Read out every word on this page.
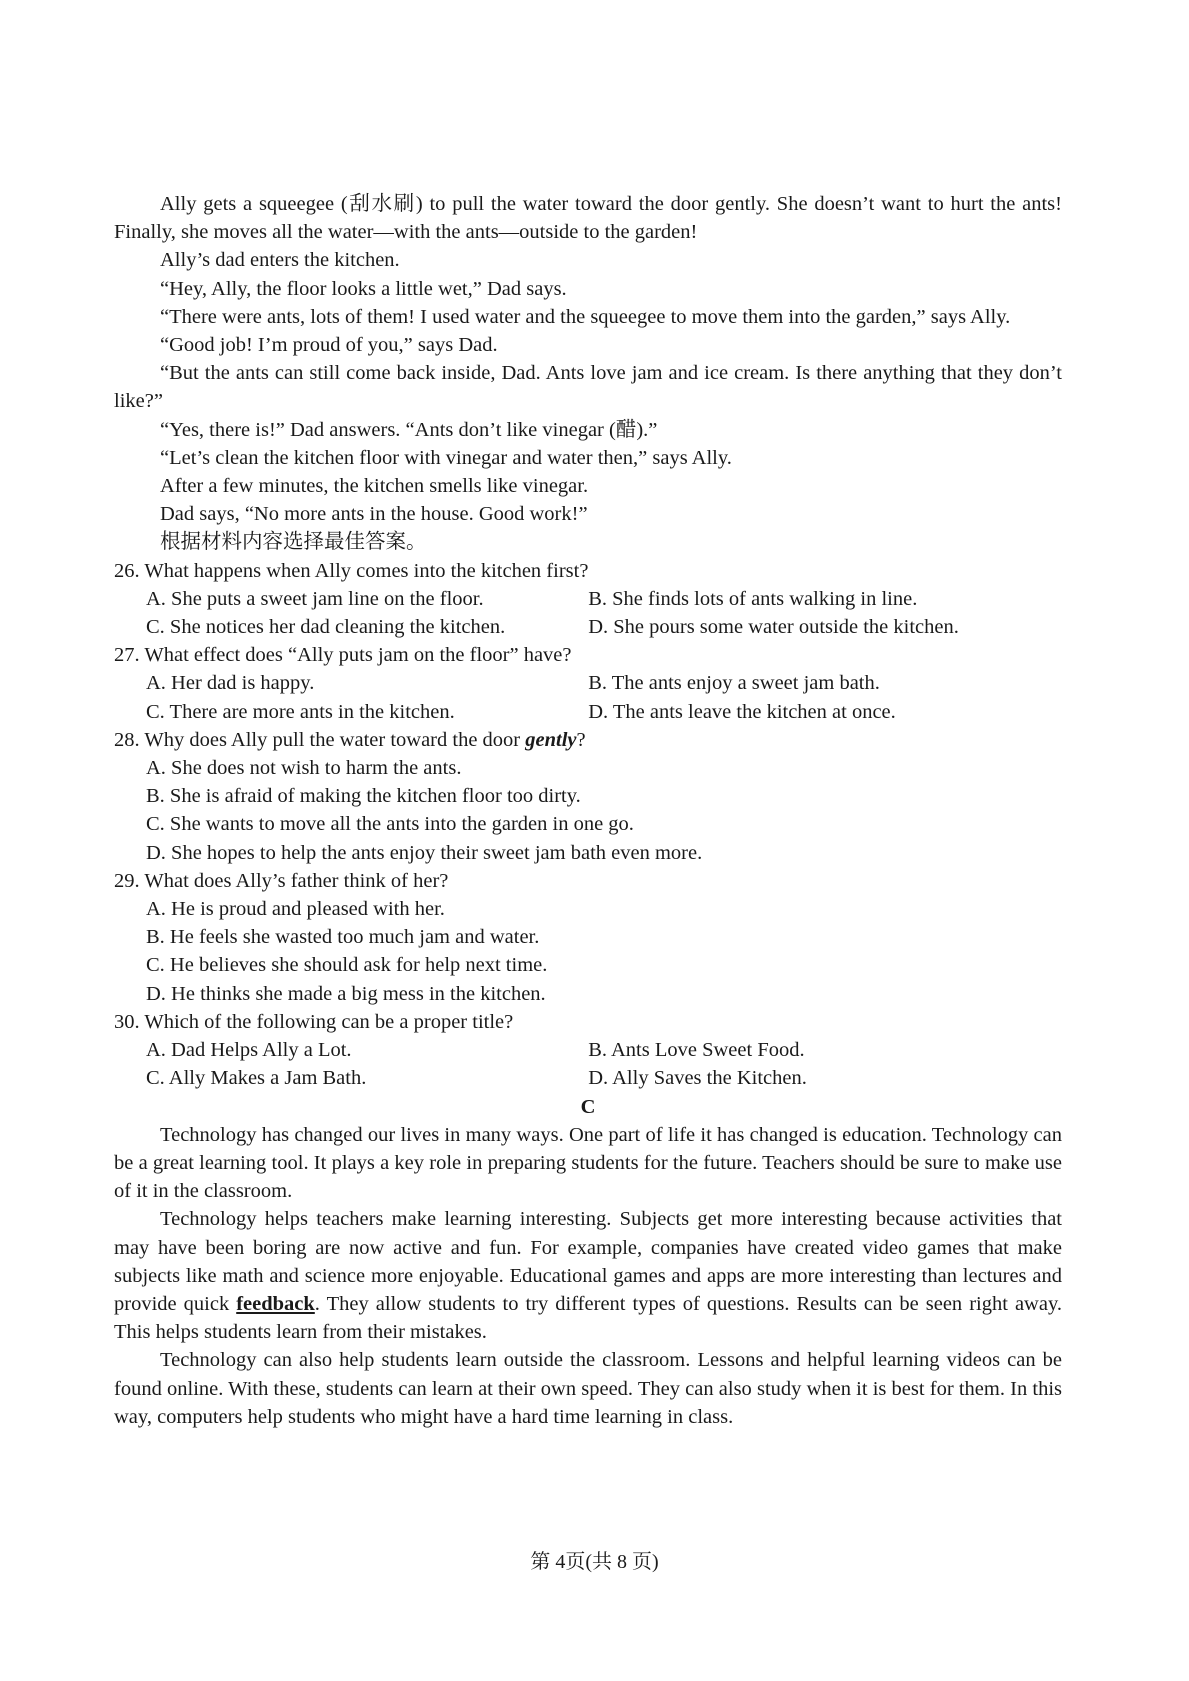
Ally gets a squeegee (刮水刷) to pull the water toward the door gently. She doesn’t want to hurt the ants! Finally, she moves all the water—with the ants—outside to the garden!

Ally’s dad enters the kitchen.

“Hey, Ally, the floor looks a little wet,” Dad says.

“There were ants, lots of them! I used water and the squeegee to move them into the garden,” says Ally.

“Good job! I’m proud of you,” says Dad.

“But the ants can still come back inside, Dad. Ants love jam and ice cream. Is there anything that they don’t like?”

“Yes, there is!” Dad answers. “Ants don’t like vinegar (醋).”

“Let’s clean the kitchen floor with vinegar and water then,” says Ally.

After a few minutes, the kitchen smells like vinegar.

Dad says, “No more ants in the house. Good work!”

根据材料内容选择最佳答案。

26. What happens when Ally comes into the kitchen first?

A. She puts a sweet jam line on the floor.	B. She finds lots of ants walking in line.
C. She notices her dad cleaning the kitchen.	D. She pours some water outside the kitchen.

27. What effect does “Ally puts jam on the floor” have?

A. Her dad is happy.	B. The ants enjoy a sweet jam bath.
C. There are more ants in the kitchen.	D. The ants leave the kitchen at once.

28. Why does Ally pull the water toward the door gently?

A. She does not wish to harm the ants.

B. She is afraid of making the kitchen floor too dirty.

C. She wants to move all the ants into the garden in one go.

D. She hopes to help the ants enjoy their sweet jam bath even more.

29. What does Ally’s father think of her?

A. He is proud and pleased with her.

B. He feels she wasted too much jam and water.

C. He believes she should ask for help next time.

D. He thinks she made a big mess in the kitchen.

30. Which of the following can be a proper title?

A. Dad Helps Ally a Lot.	B. Ants Love Sweet Food.
C. Ally Makes a Jam Bath.	D. Ally Saves the Kitchen.

C

Technology has changed our lives in many ways. One part of life it has changed is education. Technology can be a great learning tool. It plays a key role in preparing students for the future. Teachers should be sure to make use of it in the classroom.

Technology helps teachers make learning interesting. Subjects get more interesting because activities that may have been boring are now active and fun. For example, companies have created video games that make subjects like math and science more enjoyable. Educational games and apps are more interesting than lectures and provide quick feedback. They allow students to try different types of questions. Results can be seen right away. This helps students learn from their mistakes.

Technology can also help students learn outside the classroom. Lessons and helpful learning videos can be found online. With these, students can learn at their own speed. They can also study when it is best for them. In this way, computers help students who might have a hard time learning in class.

第 4页(共 8 页)
